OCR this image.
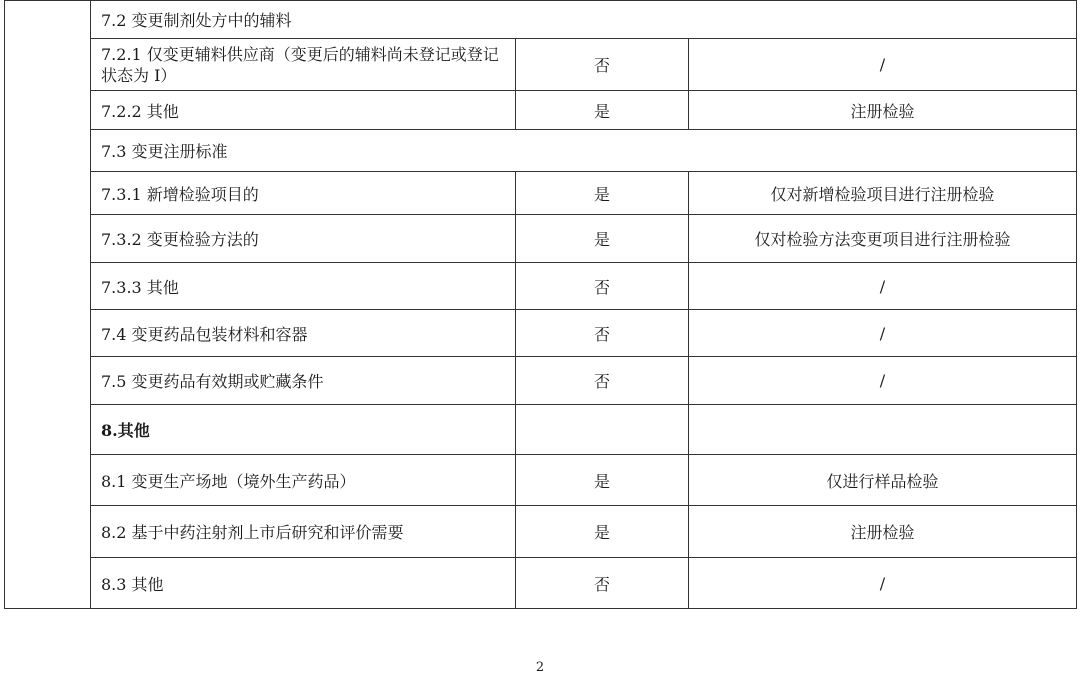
	7.2 变更制剂处方中的辅料		
	7.2.1 仅变更辅料供应商（变更后的辅料尚未登记或登记状态为 I）	否	/
	7.2.2 其他	是	注册检验
	7.3 变更注册标准		
	7.3.1 新增检验项目的	是	仅对新增检验项目进行注册检验
	7.3.2 变更检验方法的	是	仅对检验方法变更项目进行注册检验
	7.3.3 其他	否	/
	7.4 变更药品包装材料和容器	否	/
	7.5 变更药品有效期或贮藏条件	否	/
	8.其他		
	8.1 变更生产场地（境外生产药品）	是	仅进行样品检验
	8.2 基于中药注射剂上市后研究和评价需要	是	注册检验
	8.3 其他	否	/
2
